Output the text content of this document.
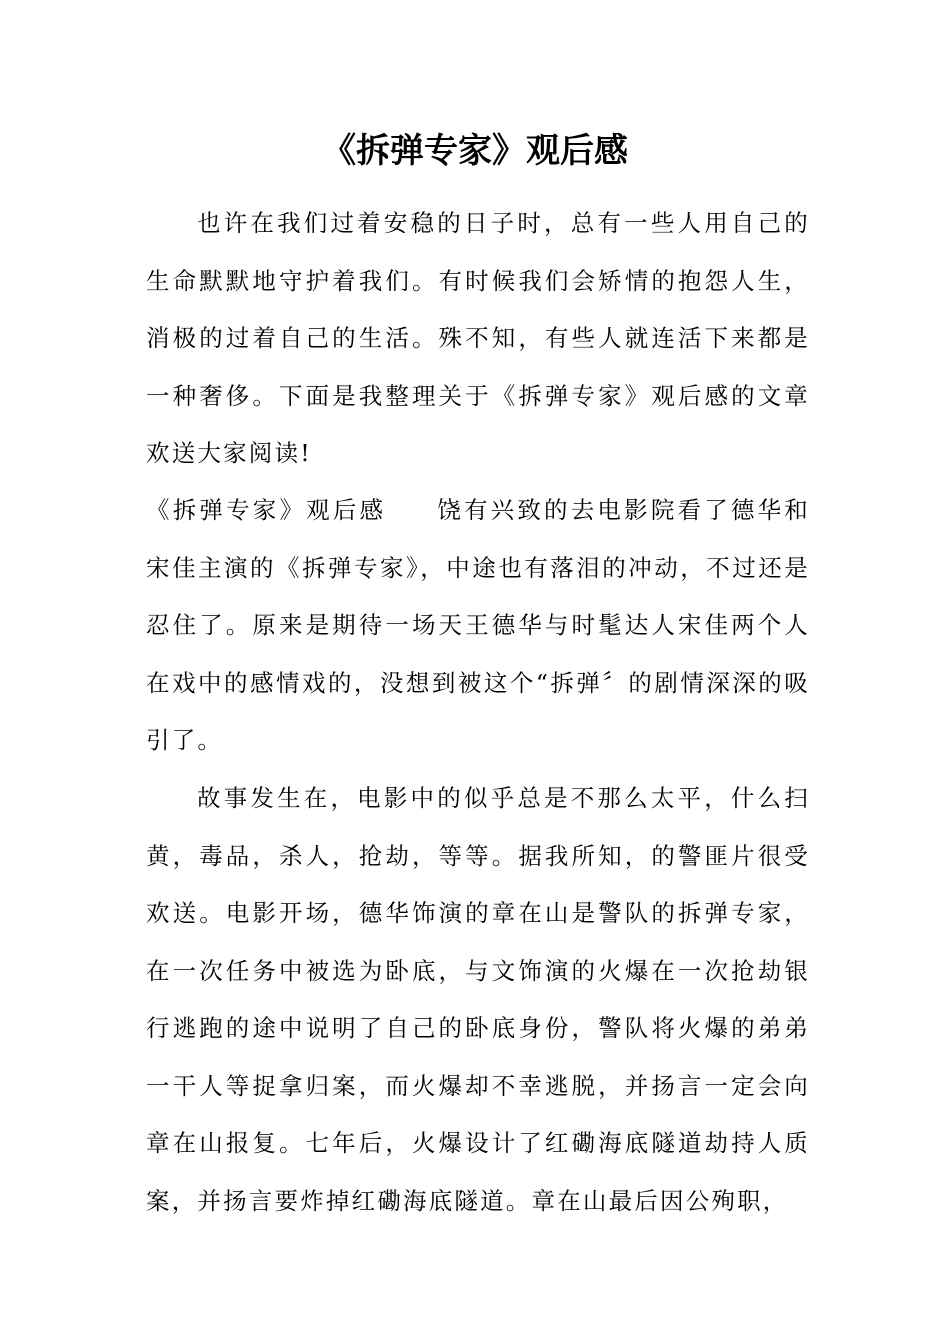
《拆弹专家》观后感

也许在我们过着安稳的日子时，总有一些人用自己的生命默默地守护着我们。有时候我们会矫情的抱怨人生，消极的过着自己的生活。殊不知，有些人就连活下来都是一种奢侈。下面是我整理关于《拆弹专家》观后感的文章欢送大家阅读!

《拆弹专家》观后感 饶有兴致的去电影院看了德华和宋佳主演的《拆弹专家》，中途也有落泪的冲动，不过还是忍住了。原来是期待一场天王德华与时髦达人宋佳两个人在戏中的感情戏的，没想到被这个“拆弹〞的剧情深深的吸引了。

故事发生在，电影中的似乎总是不那么太平，什么扫黄，毒品，杀人，抢劫，等等。据我所知，的警匪片很受欢送。电影开场，德华饰演的章在山是警队的拆弹专家，在一次任务中被选为卧底，与文饰演的火爆在一次抢劫银行逃跑的途中说明了自己的卧底身份，警队将火爆的弟弟一干人等捉拿归案，而火爆却不幸逃脱，并扬言一定会向章在山报复。七年后，火爆设计了红磡海底隧道劫持人质案，并扬言要炸掉红磡海底隧道。章在山最后因公殉职，
